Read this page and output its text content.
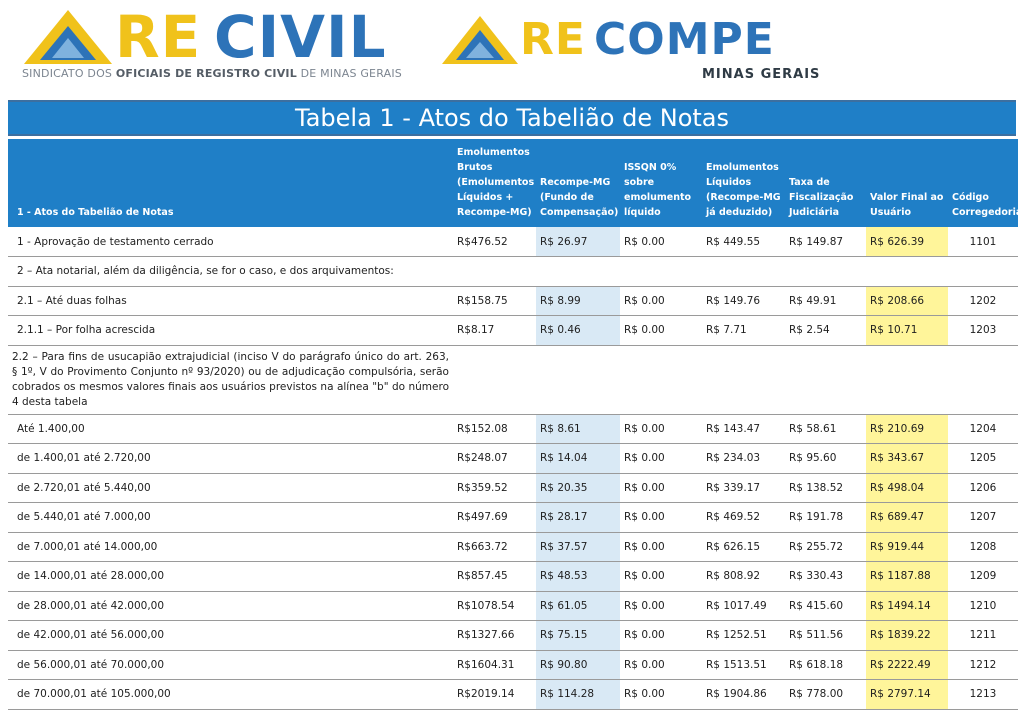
RE CIVIL
SINDICATO DOS OFICIAIS DE REGISTRO CIVIL DE MINAS GERAIS
RE COMPE
MINAS GERAIS
Tabela 1 - Atos do Tabelião de Notas
1 - Atos do Tabelião de Notas	Emolumentos Brutos (Emolumentos Líquidos + Recompe-MG)	Recompe-MG (Fundo de Compensação)	ISSQN 0% sobre emolumento líquido	Emolumentos Líquidos (Recompe-MG já deduzido)	Taxa de Fiscalização Judiciária	Valor Final ao Usuário	Código Corregedoria
1 - Aprovação de testamento cerrado	R$476.52	R$ 26.97	R$ 0.00	R$ 449.55	R$ 149.87	R$ 626.39	1101
2 – Ata notarial, além da diligência, se for o caso, e dos arquivamentos:							
2.1 – Até duas folhas	R$158.75	R$ 8.99	R$ 0.00	R$ 149.76	R$ 49.91	R$ 208.66	1202
2.1.1 – Por folha acrescida	R$8.17	R$ 0.46	R$ 0.00	R$ 7.71	R$ 2.54	R$ 10.71	1203
2.2 – Para fins de usucapião extrajudicial (inciso V do parágrafo único do art. 263, § 1º, V do Provimento Conjunto nº 93/2020) ou de adjudicação compulsória, serão cobrados os mesmos valores finais aos usuários previstos na alínea "b" do número 4 desta tabela							
Até 1.400,00	R$152.08	R$ 8.61	R$ 0.00	R$ 143.47	R$ 58.61	R$ 210.69	1204
de 1.400,01 até 2.720,00	R$248.07	R$ 14.04	R$ 0.00	R$ 234.03	R$ 95.60	R$ 343.67	1205
de 2.720,01 até 5.440,00	R$359.52	R$ 20.35	R$ 0.00	R$ 339.17	R$ 138.52	R$ 498.04	1206
de 5.440,01 até 7.000,00	R$497.69	R$ 28.17	R$ 0.00	R$ 469.52	R$ 191.78	R$ 689.47	1207
de 7.000,01 até 14.000,00	R$663.72	R$ 37.57	R$ 0.00	R$ 626.15	R$ 255.72	R$ 919.44	1208
de 14.000,01 até 28.000,00	R$857.45	R$ 48.53	R$ 0.00	R$ 808.92	R$ 330.43	R$ 1187.88	1209
de 28.000,01 até 42.000,00	R$1078.54	R$ 61.05	R$ 0.00	R$ 1017.49	R$ 415.60	R$ 1494.14	1210
de 42.000,01 até 56.000,00	R$1327.66	R$ 75.15	R$ 0.00	R$ 1252.51	R$ 511.56	R$ 1839.22	1211
de 56.000,01 até 70.000,00	R$1604.31	R$ 90.80	R$ 0.00	R$ 1513.51	R$ 618.18	R$ 2222.49	1212
de 70.000,01 até 105.000,00	R$2019.14	R$ 114.28	R$ 0.00	R$ 1904.86	R$ 778.00	R$ 2797.14	1213
